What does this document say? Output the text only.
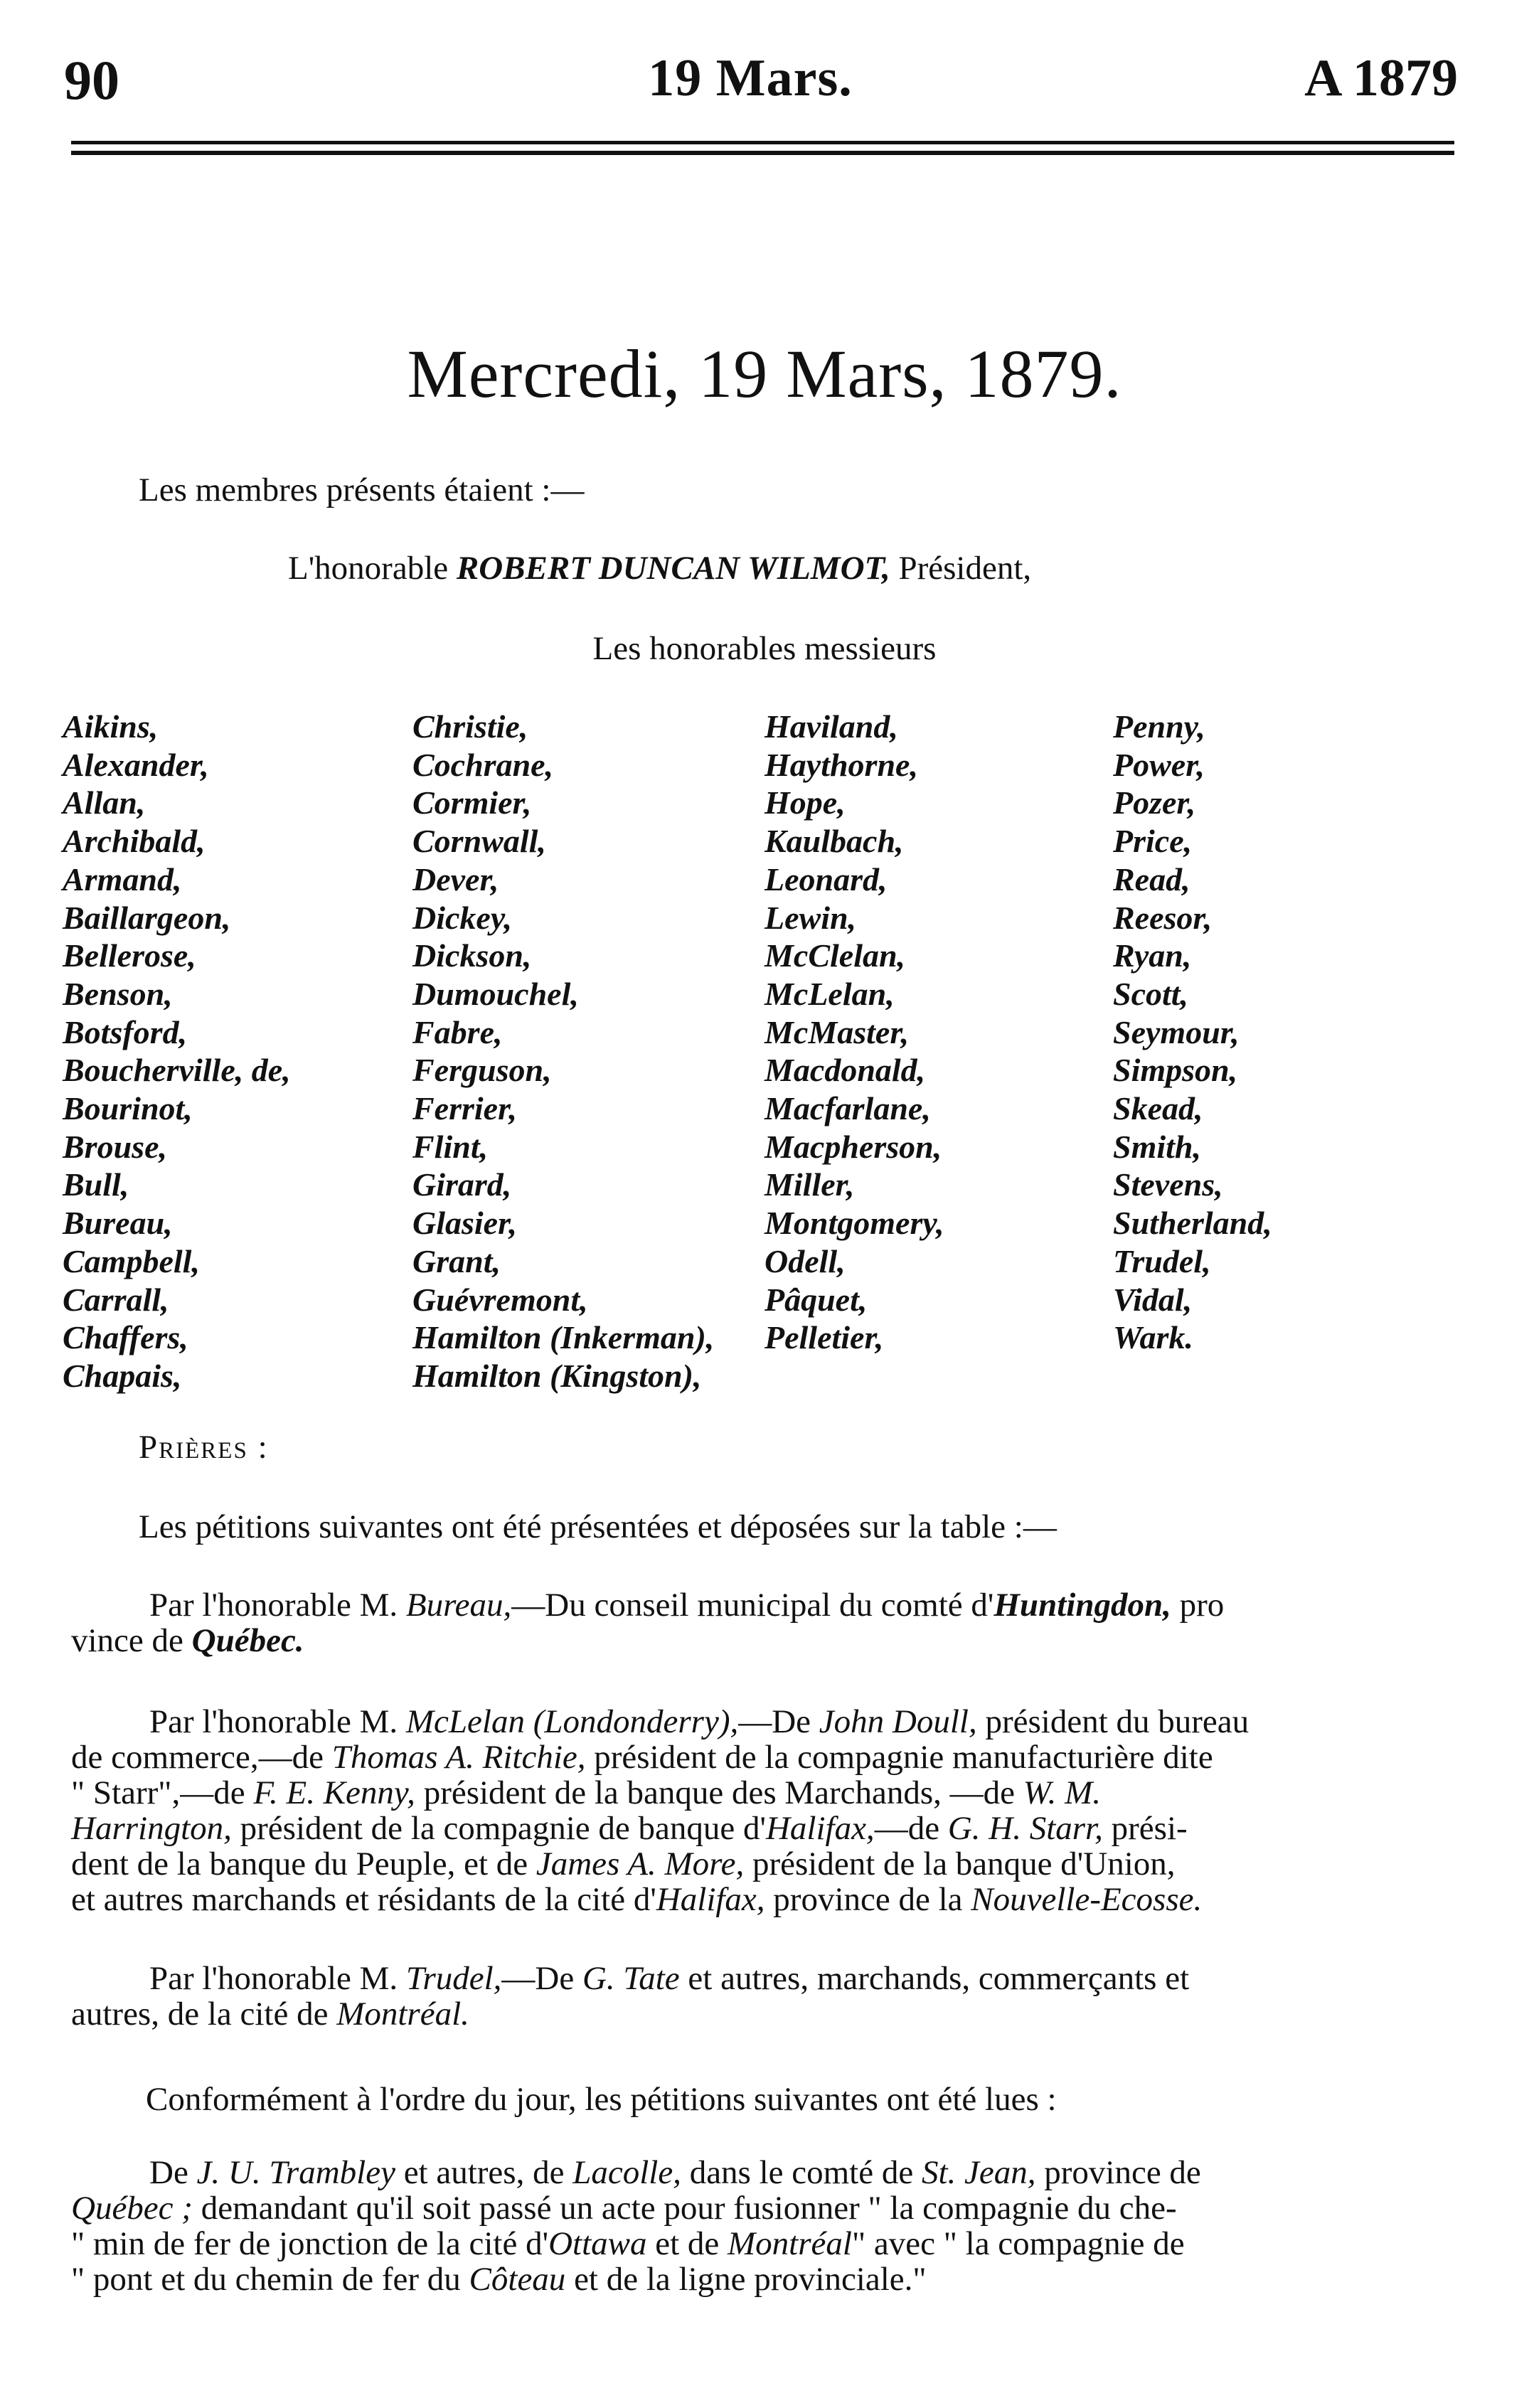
90	19 Mars.	A 1879
Mercredi, 19 Mars, 1879.
Les membres présents étaient :—
L'honorable ROBERT DUNCAN WILMOT, Président,
Les honorables messieurs
Aikins,
Alexander,
Allan,
Archibald,
Armand,
Baillargeon,
Bellerose,
Benson,
Botsford,
Boucherville, de,
Bourinot,
Brouse,
Bull,
Bureau,
Campbell,
Carrall,
Chaffers,
Chapais,
Christie,
Cochrane,
Cormier,
Cornwall,
Dever,
Dickey,
Dickson,
Dumouchel,
Fabre,
Ferguson,
Ferrier,
Flint,
Girard,
Glasier,
Grant,
Guévremont,
Hamilton (Inkerman),
Hamilton (Kingston),
Haviland,
Haythorne,
Hope,
Kaulbach,
Leonard,
Lewin,
McClelan,
McLelan,
McMaster,
Macdonald,
Macfarlane,
Macpherson,
Miller,
Montgomery,
Odell,
Pâquet,
Pelletier,
Penny,
Power,
Pozer,
Price,
Read,
Reesor,
Ryan,
Scott,
Seymour,
Simpson,
Skead,
Smith,
Stevens,
Sutherland,
Trudel,
Vidal,
Wark.
Prières :
Les pétitions suivantes ont été présentées et déposées sur la table :—
Par l'honorable M. Bureau,—Du conseil municipal du comté d'Huntingdon, pro
vince de Québec.
Par l'honorable M. McLelan (Londonderry),—De John Doull, président du bureau
de commerce,—de Thomas A. Ritchie, président de la compagnie manufacturière dite
" Starr",—de F. E. Kenny, président de la banque des Marchands, —de W. M.
Harrington, président de la compagnie de banque d'Halifax,—de G. H. Starr, prési-
dent de la banque du Peuple, et de James A. More, président de la banque d'Union,
et autres marchands et résidants de la cité d'Halifax, province de la Nouvelle-Ecosse.
Par l'honorable M. Trudel,—De G. Tate et autres, marchands, commerçants et
autres, de la cité de Montréal.
Conformément à l'ordre du jour, les pétitions suivantes ont été lues :
De J. U. Trambley et autres, de Lacolle, dans le comté de St. Jean, province de
Québec ; demandant qu'il soit passé un acte pour fusionner " la compagnie du che-
" min de fer de jonction de la cité d'Ottawa et de Montréal" avec " la compagnie de
" pont et du chemin de fer du Côteau et de la ligne provinciale."
